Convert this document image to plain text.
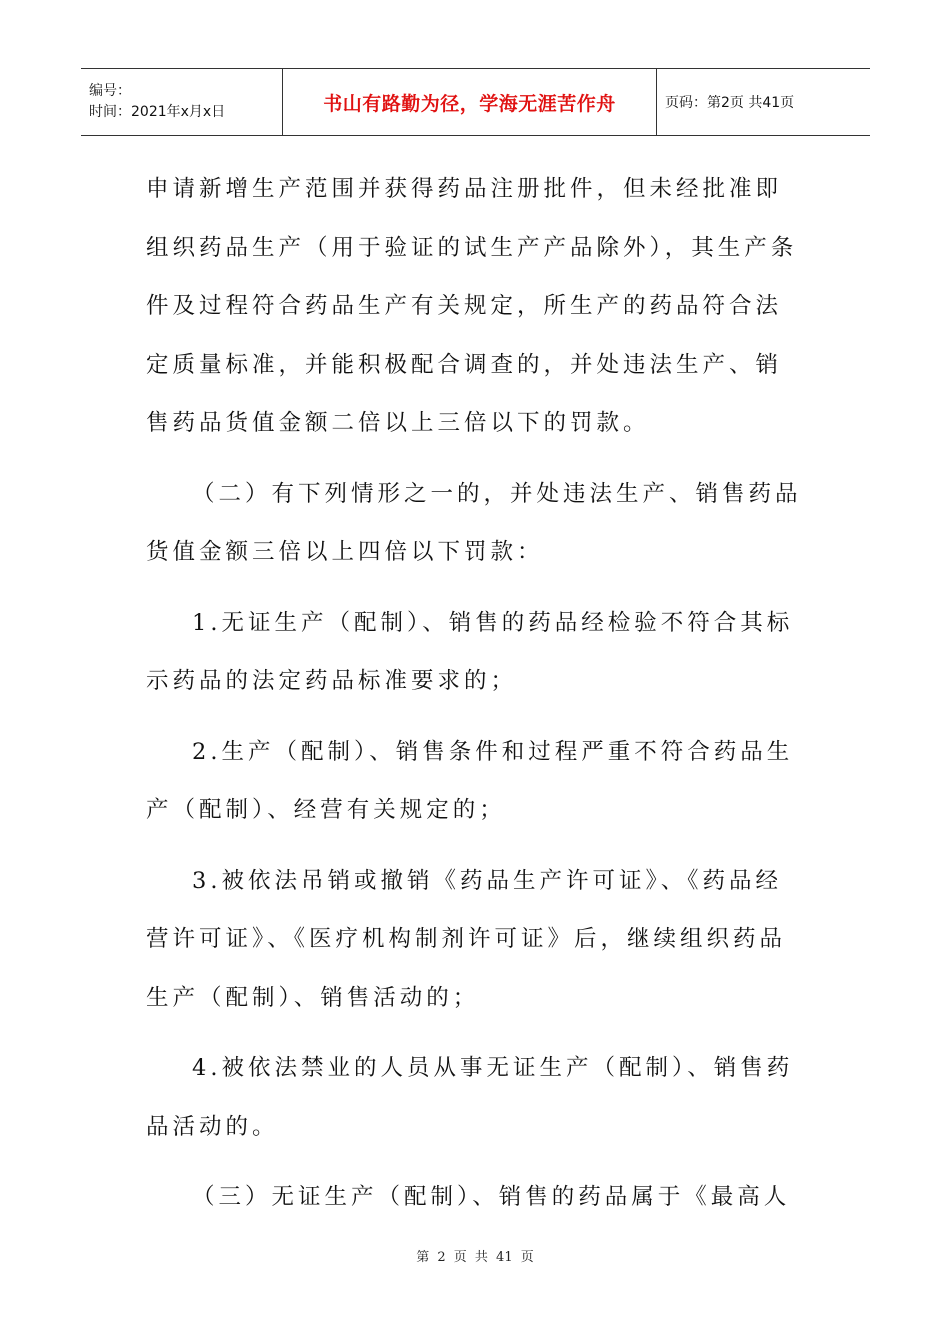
编号：
时间：2021年x月x日	书山有路勤为径，学海无涯苦作舟	页码：第2页 共41页

申请新增生产范围并获得药品注册批件，但未经批准即组织药品生产（用于验证的试生产产品除外），其生产条件及过程符合药品生产有关规定，所生产的药品符合法定质量标准，并能积极配合调查的，并处违法生产、销售药品货值金额二倍以上三倍以下的罚款。

（二）有下列情形之一的，并处违法生产、销售药品货值金额三倍以上四倍以下罚款：

1.无证生产（配制）、销售的药品经检验不符合其标示药品的法定药品标准要求的；

2.生产（配制）、销售条件和过程严重不符合药品生产（配制）、经营有关规定的；

3.被依法吊销或撤销《药品生产许可证》、《药品经营许可证》、《医疗机构制剂许可证》后，继续组织药品生产（配制）、销售活动的；

4.被依法禁业的人员从事无证生产（配制）、销售药品活动的。

（三）无证生产（配制）、销售的药品属于《最高人

第 2 页 共 41 页
